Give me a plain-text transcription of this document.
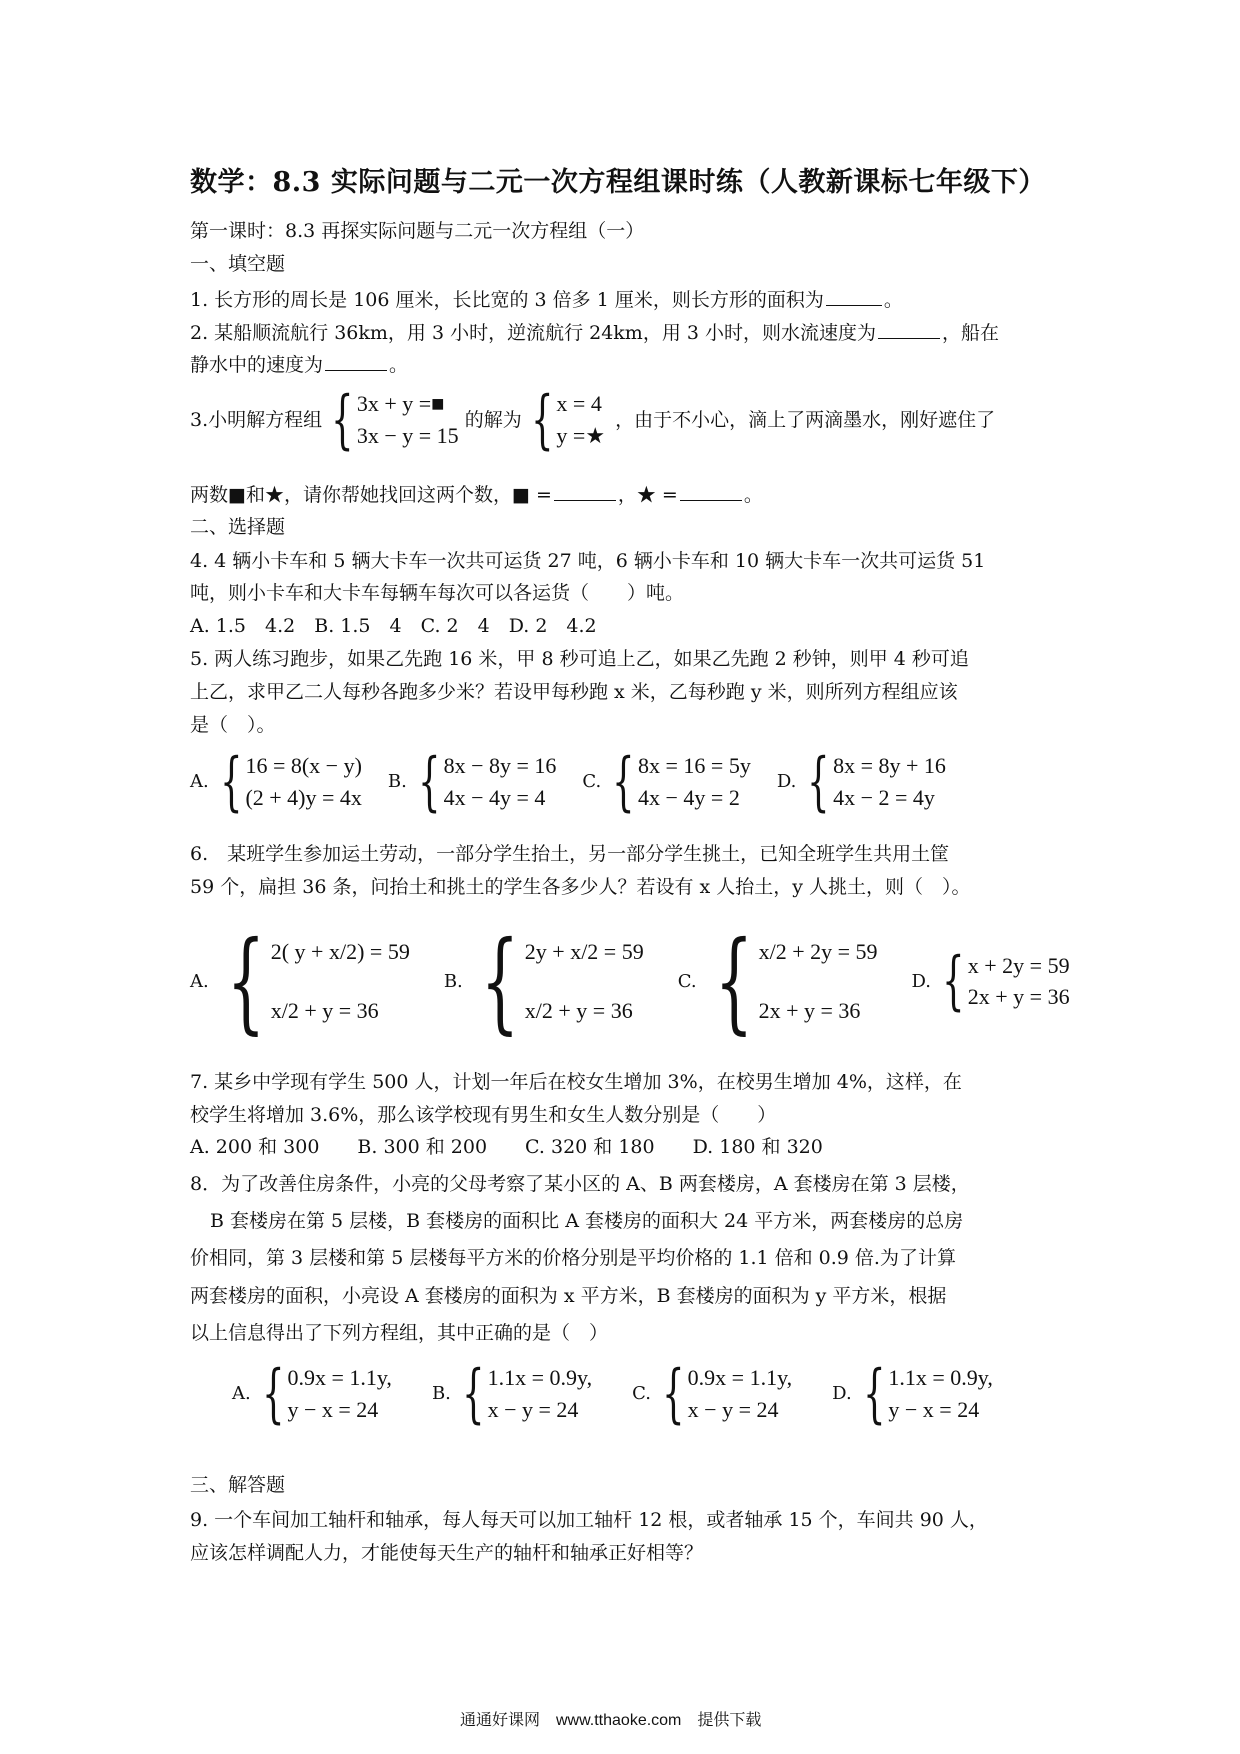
数学：8.3 实际问题与二元一次方程组课时练（人教新课标七年级下）
第一课时：8.3 再探实际问题与二元一次方程组（一）
一、填空题
1. 长方形的周长是 106 厘米，长比宽的 3 倍多 1 厘米，则长方形的面积为	。
2. 某船顺流航行 36km，用 3 小时，逆流航行 24km，用 3 小时，则水流速度为	，船在
静水中的速度为	。
3.小明解方程组 { 3x + y =■
3x − y = 15
的解为 { x = 4
y =★
，由于不小心，滴上了两滴墨水，刚好遮住了
两数■和★，请你帮她找回这两个数，■ =	，★ =	。
二、选择题
4. 4 辆小卡车和 5 辆大卡车一次共可运货 27 吨，6 辆小卡车和 10 辆大卡车一次共可运货 51
吨，则小卡车和大卡车每辆车每次可以各运货（　　）吨。
A. 1.5　4.2　B. 1.5　4　C. 2　4　D. 2　4.2
5. 两人练习跑步，如果乙先跑 16 米，甲 8 秒可追上乙，如果乙先跑 2 秒钟，则甲 4 秒可追
上乙，求甲乙二人每秒各跑多少米？若设甲每秒跑 x 米，乙每秒跑 y 米，则所列方程组应该
是（　）。
A. { 16 = 8(x − y)
(2 + 4)y = 4x
B. { 8x − 8y = 16
4x − 4y = 4
C. { 8x = 16 = 5y
4x − 4y = 2
D. { 8x = 8y + 16
4x − 2 = 4y
6.　某班学生参加运土劳动，一部分学生抬土，另一部分学生挑土，已知全班学生共用土筐
59 个，扁担 36 条，问抬土和挑土的学生各多少人？若设有 x 人抬土，y 人挑土，则（　）。
A. { 2( y + x/2) = 59
x/2 + y = 36
B. { 2y + x/2 = 59
x/2 + y = 36
C. { x/2 + 2y = 59
2x + y = 36
D. { x + 2y = 59
2x + y = 36
7. 某乡中学现有学生 500 人，计划一年后在校女生增加 3%，在校男生增加 4%，这样，在
校学生将增加 3.6%，那么该学校现有男生和女生人数分别是（　　）
A. 200 和 300　　B. 300 和 200　　C. 320 和 180　　D. 180 和 320
8．为了改善住房条件，小亮的父母考察了某小区的 A、B 两套楼房，A 套楼房在第 3 层楼，
B 套楼房在第 5 层楼，B 套楼房的面积比 A 套楼房的面积大 24 平方米，两套楼房的总房
价相同，第 3 层楼和第 5 层楼每平方米的价格分别是平均价格的 1.1 倍和 0.9 倍.为了计算
两套楼房的面积，小亮设 A 套楼房的面积为 x 平方米，B 套楼房的面积为 y 平方米，根据
以上信息得出了下列方程组，其中正确的是（　）
A. { 0.9x = 1.1y,
y − x = 24
B. { 1.1x = 0.9y,
x − y = 24
C. { 0.9x = 1.1y,
x − y = 24
D. { 1.1x = 0.9y,
y − x = 24
三、解答题
9. 一个车间加工轴杆和轴承，每人每天可以加工轴杆 12 根，或者轴承 15 个，车间共 90 人，
应该怎样调配人力，才能使每天生产的轴杆和轴承正好相等？
通通好课网　www.tthaoke.com　提供下载
